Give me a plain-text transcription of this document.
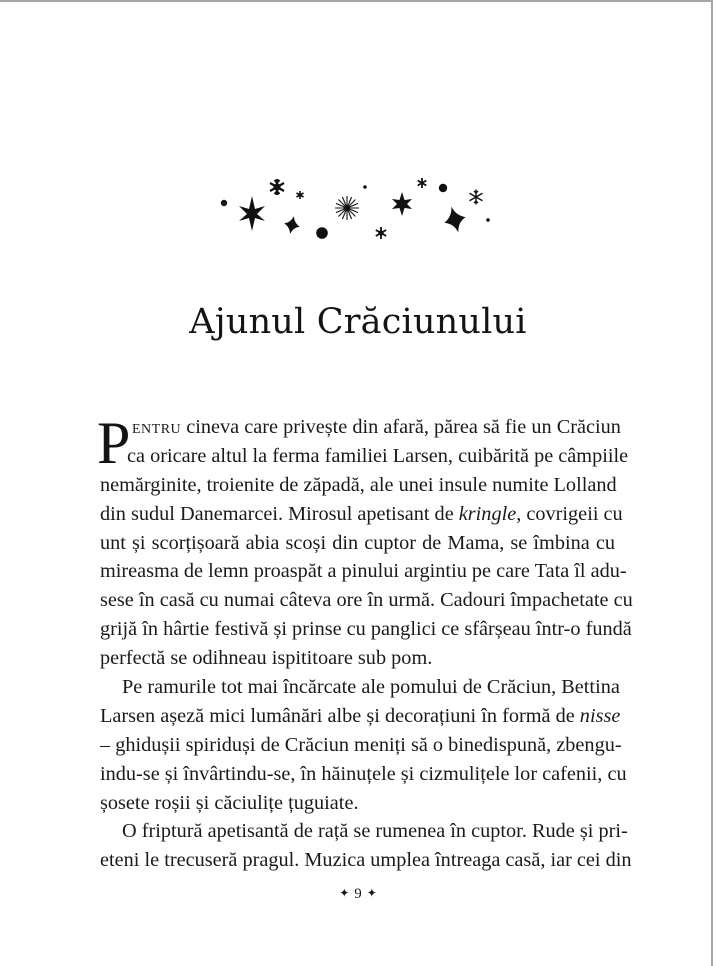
Ajunul Crăciunului
P entru cineva care privește din afară, părea să fie un Crăciun
ca oricare altul la ferma familiei Larsen, cuibărită pe câmpiile
nemărginite, troienite de zăpadă, ale unei insule numite Lolland
din sudul Danemarcei. Mirosul apetisant de kringle, covrigeii cu
unt și scorțișoară abia scoși din cuptor de Mama, se îmbina cu
mireasma de lemn proaspăt a pinului argintiu pe care Tata îl adu-
sese în casă cu numai câteva ore în urmă. Cadouri împachetate cu
grijă în hârtie festivă și prinse cu panglici ce sfârșeau într-o fundă
perfectă se odihneau ispititoare sub pom.
Pe ramurile tot mai încărcate ale pomului de Crăciun, Bettina
Larsen așeză mici lumânări albe și decorațiuni în formă de nisse
– ghidușii spiriduși de Crăciun meniți să o binedispună, zbengu-
indu-se și învârtindu-se, în hăinuțele și cizmulițele lor cafenii, cu
șosete roșii și căciulițe țuguiate.
O friptură apetisantă de rață se rumenea în cuptor. Rude și pri-
eteni le trecuseră pragul. Muzica umplea întreaga casă, iar cei din
✦ 9 ✦
